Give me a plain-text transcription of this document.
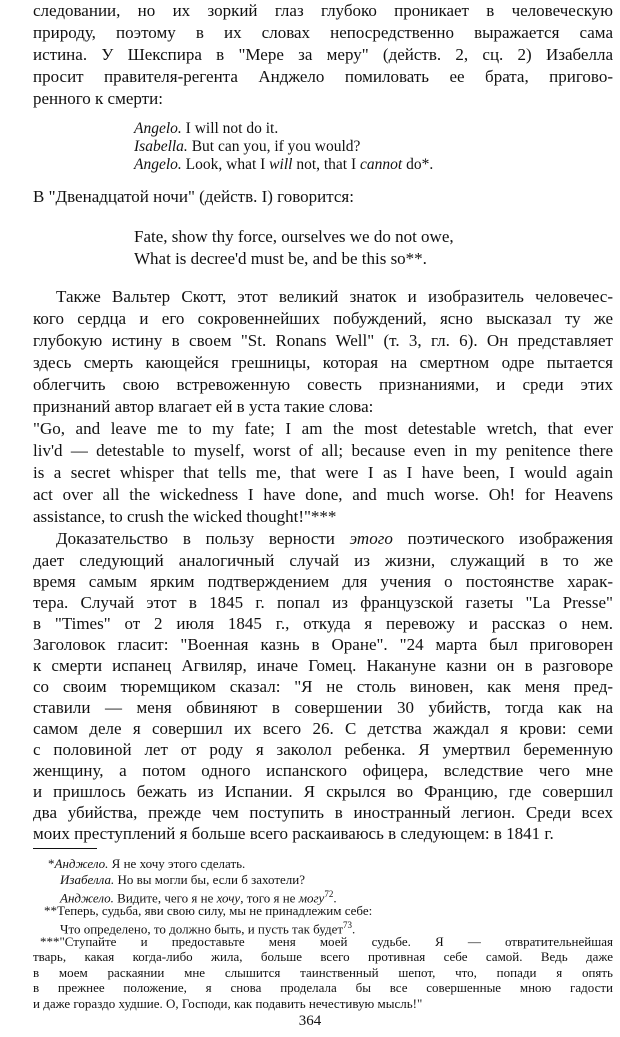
следовании, но их зоркий глаз глубоко проникает в человеческую
природу, поэтому в их словах непосредственно выражается сама
истина. У Шекспира в "Мере за меру" (действ. 2, сц. 2) Изабелла
просит правителя-регента Анджело помиловать ее брата, пригово-
ренного к смерти:
Angelo. I will not do it.
Isabella. But can you, if you would?
Angelo. Look, what I will not, that I cannot do*.
В "Двенадцатой ночи" (действ. I) говорится:
Fate, show thy force, ourselves we do not owe,
What is decree'd must be, and be this so**.
Также Вальтер Скотт, этот великий знаток и изобразитель человечес-
кого сердца и его сокровеннейших побуждений, ясно высказал ту же
глубокую истину в своем "St. Ronans Well" (т. 3, гл. 6). Он представляет
здесь смерть кающейся грешницы, которая на смертном одре пытается
облегчить свою встревоженную совесть признаниями, и среди этих
признаний автор влагает ей в уста такие слова:
"Go, and leave me to my fate; I am the most detestable wretch, that ever
liv'd — detestable to myself, worst of all; because even in my penitence there
is a secret whisper that tells me, that were I as I have been, I would again
act over all the wickedness I have done, and much worse. Oh! for Heavens
assistance, to crush the wicked thought!"***
Доказательство в пользу верности этого поэтического изображения
дает следующий аналогичный случай из жизни, служащий в то же
время самым ярким подтверждением для учения о постоянстве харак-
тера. Случай этот в 1845 г. попал из французской газеты "La Presse"
в "Times" от 2 июля 1845 г., откуда я перевожу и рассказ о нем.
Заголовок гласит: "Военная казнь в Оране". "24 марта был приговорен
к смерти испанец Агвиляр, иначе Гомец. Накануне казни он в разговоре
со своим тюремщиком сказал: "Я не столь виновен, как меня пред-
ставили — меня обвиняют в совершении 30 убийств, тогда как на
самом деле я совершил их всего 26. С детства жаждал я крови: семи
с половиной лет от роду я заколол ребенка. Я умертвил беременную
женщину, а потом одного испанского офицера, вследствие чего мне
и пришлось бежать из Испании. Я скрылся во Францию, где совершил
два убийства, прежде чем поступить в иностранный легион. Среди всех
моих преступлений я больше всего раскаиваюсь в следующем: в 1841 г.
*Анджело. Я не хочу этого сделать.
Изабелла. Но вы могли бы, если б захотели?
Анджело. Видите, чего я не хочу, того я не могу$^{72}$.
**Теперь, судьба, яви свою силу, мы не принадлежим себе:
Что определено, то должно быть, и пусть так будет$^{73}$.
***"Ступайте и предоставьте меня моей судьбе. Я — отвратительнейшая
тварь, какая когда-либо жила, больше всего противная себе самой. Ведь даже
в моем раскаянии мне слышится таинственный шепот, что, попади я опять
в прежнее положение, я снова проделала бы все совершенные мною гадости
и даже гораздо худшие. О, Господи, как подавить нечестивую мысль!"
364
